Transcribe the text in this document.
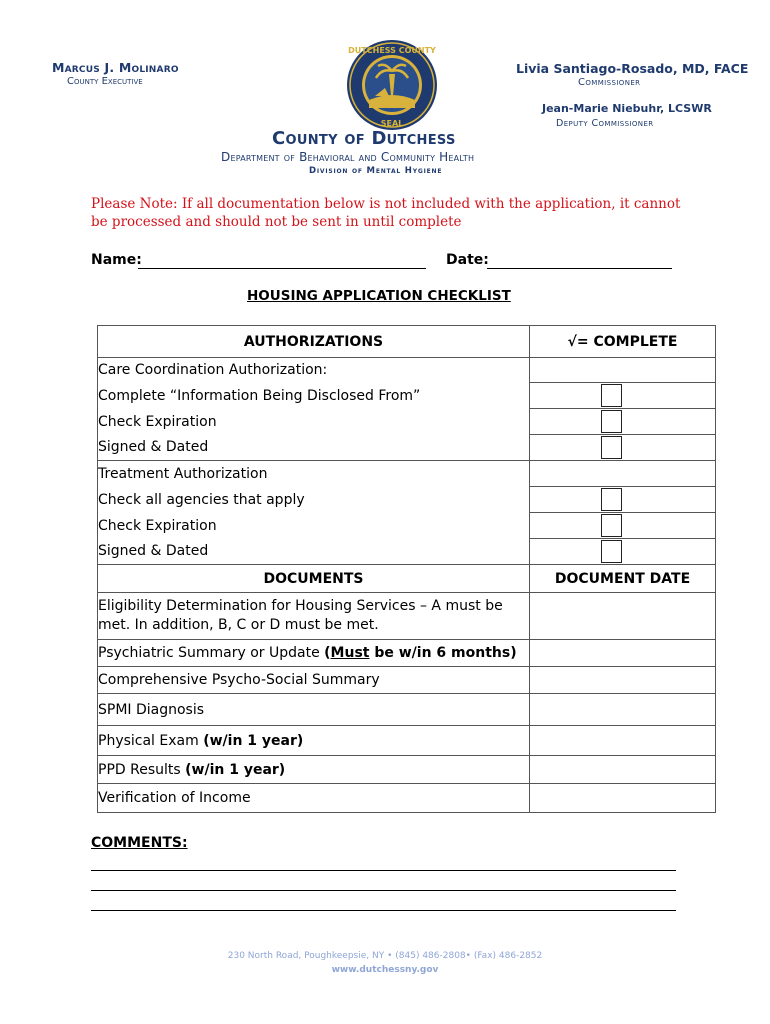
Marcus J. Molinaro
County Executive
DUTCHESS COUNTY
SEAL
Livia Santiago-Rosado, MD, FACE
Commissioner
Jean-Marie Niebuhr, LCSWR
Deputy Commissioner
County of Dutchess
Department of Behavioral and Community Health
Division of Mental Hygiene
Please Note: If all documentation below is not included with the application, it cannot be processed and should not be sent in until complete
Name:	Date:
HOUSING APPLICATION CHECKLIST
AUTHORIZATIONS	√= COMPLETE
Care Coordination Authorization:	
Complete “Information Being Disclosed From”	

Check Expiration	

Signed & Dated	

Treatment Authorization	
Check all agencies that apply	

Check Expiration	

Signed & Dated	

DOCUMENTS	DOCUMENT DATE
Eligibility Determination for Housing Services – A must be met. In addition, B, C or D must be met.	
Psychiatric Summary or Update (Must be w/in 6 months)	
Comprehensive Psycho-Social Summary	
SPMI Diagnosis	
Physical Exam (w/in 1 year)	
PPD Results (w/in 1 year)	
Verification of Income	
COMMENTS:
230 North Road, Poughkeepsie, NY • (845) 486-2808• (Fax) 486-2852
www.dutchessny.gov
